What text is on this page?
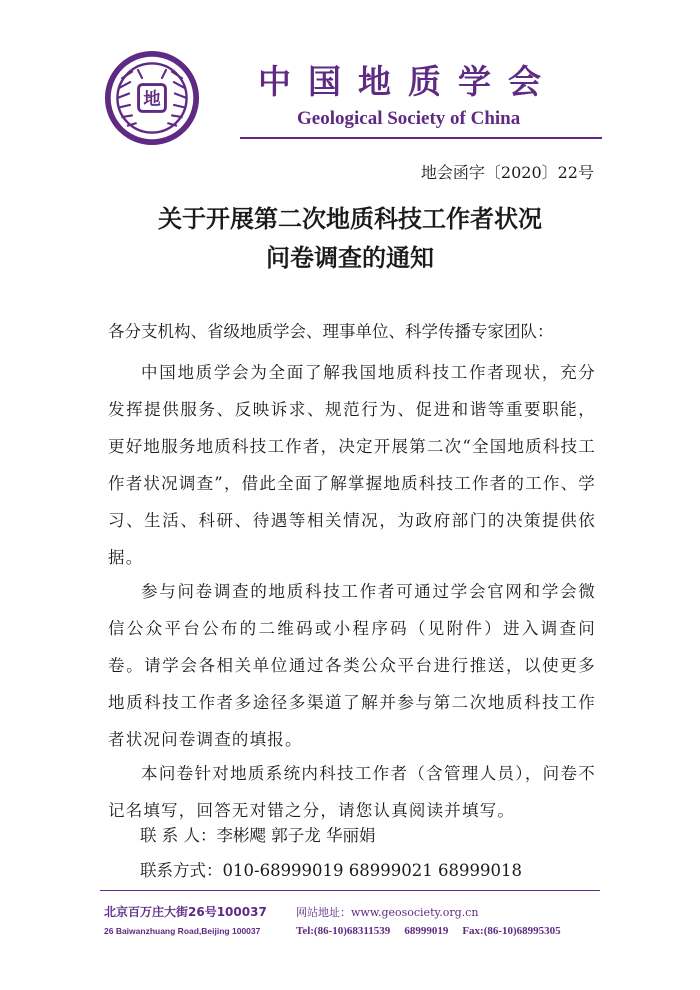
地	中国地质学会
Geological Society of China
地会函字〔2020〕22号
关于开展第二次地质科技工作者状况
问卷调查的通知
各分支机构、省级地质学会、理事单位、科学传播专家团队：

中国地质学会为全面了解我国地质科技工作者现状，充分发挥提供服务、反映诉求、规范行为、促进和谐等重要职能，更好地服务地质科技工作者，决定开展第二次“全国地质科技工作者状况调查”，借此全面了解掌握地质科技工作者的工作、学习、生活、科研、待遇等相关情况，为政府部门的决策提供依据。

参与问卷调查的地质科技工作者可通过学会官网和学会微信公众平台公布的二维码或小程序码（见附件）进入调查问卷。请学会各相关单位通过各类公众平台进行推送，以使更多地质科技工作者多途径多渠道了解并参与第二次地质科技工作者状况问卷调查的填报。

本问卷针对地质系统内科技工作者（含管理人员），问卷不记名填写，回答无对错之分，请您认真阅读并填写。

联 系 人：李彬飔 郭子龙 华丽娟
联系方式：010-68999019 68999021 68999018
北京百万庄大街26号100037
26 Baiwanzhuang Road,Beijing 100037
网站地址：www.geosociety.org.cn
Tel:(86-10)68311539 68999019 Fax:(86-10)68995305
